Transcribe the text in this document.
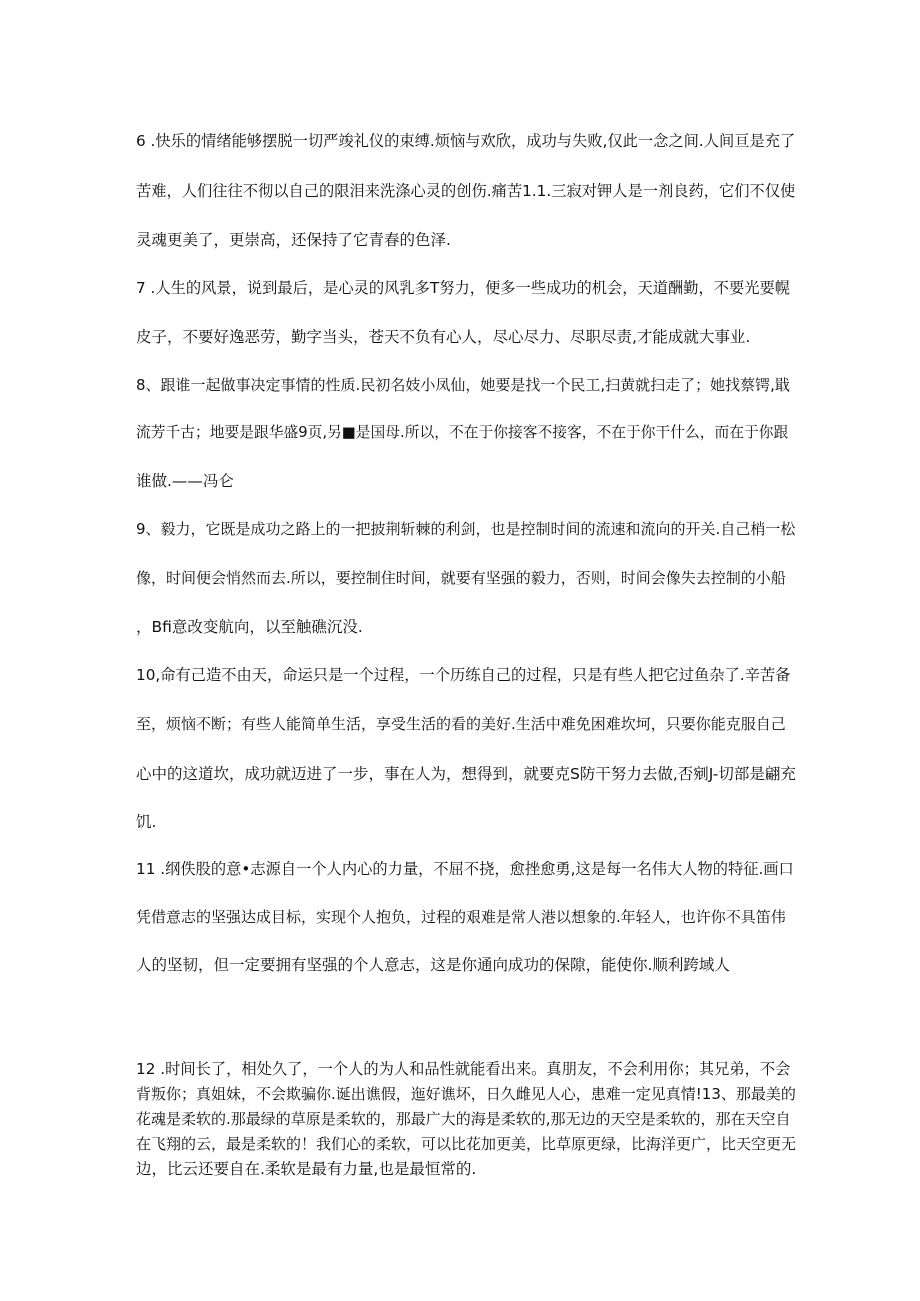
6 .快乐的情绪能够摆脱一切严竣礼仪的束缚.烦恼与欢欣，成功与失败,仅此一念之间.人间亘是充了
苦难，人们往往不彻以自己的限泪来洗涤心灵的创伤.痛苦1.1.三寂对钾人是一剂良药，它们不仅使
灵魂更美了，更崇高，还保持了它青春的色泽.
7 .人生的风景，说到最后，是心灵的风乳多T努力，便多一些成功的机会，天道酬勤，不要光要幌
皮子，不要好逸恶劳，勤字当头，苍天不负有心人，尽心尽力、尽职尽责,才能成就大事业.
8、跟谁一起做事决定事情的性质.民初名妓小凤仙，她要是找一个民工,扫黄就扫走了；她找蔡锷,戢
流芳千古；地要是跟华盛9页,另■是国母.所以，不在于你接客不接客，不在于你干什么，而在于你跟
谁做.——冯仑
9、毅力，它既是成功之路上的一把披荆斩棘的利剑，也是控制时间的流速和流向的开关.自己梢一松
像，时间便会悄然而去.所以，要控制住时间，就要有坚强的毅力，否则，时间会像失去控制的小船
，Bfi意改变航向，以至触礁沉没.
10,命有己造不由天，命运只是一个过程，一个历练自己的过程，只是有些人把它过鱼杂了.辛苦备
至，烦恼不断；有些人能简单生活，享受生活的看的美好.生活中难免困难坎坷，只要你能克服自己
心中的这道坎，成功就迈进了一步，事在人为，想得到，就要克S防干努力去做,否剜J-切部是翩充
饥.
11 .纲佚股的意•志源自一个人内心的力量，不屈不挠，愈挫愈勇,这是每一名伟大人物的特征.画口
凭借意志的坚强达成目标，实现个人抱负，过程的艰难是常人港以想象的.年轻人，也许你不具笛伟
人的坚韧，但一定要拥有坚强的个人意志，这是你通向成功的保隙，能使你.顺利跨域人
12 .时间长了，相处久了，一个人的为人和品性就能看出来。真朋友，不会利用你；其兄弟，不会
背叛你；真姐妹，不会欺骗你.诞出谯假，迤好谯坏，日久雌见人心，患难一定见真情!13、那最美的
花魂是柔软的.那最绿的草原是柔软的，那最广大的海是柔软的,那无边的天空是柔软的，那在天空自
在飞翔的云，最是柔软的！我们心的柔软，可以比花加更美，比草原更绿，比海洋更广，比天空更无
边，比云还要自在.柔软是最有力量,也是最恒常的.
